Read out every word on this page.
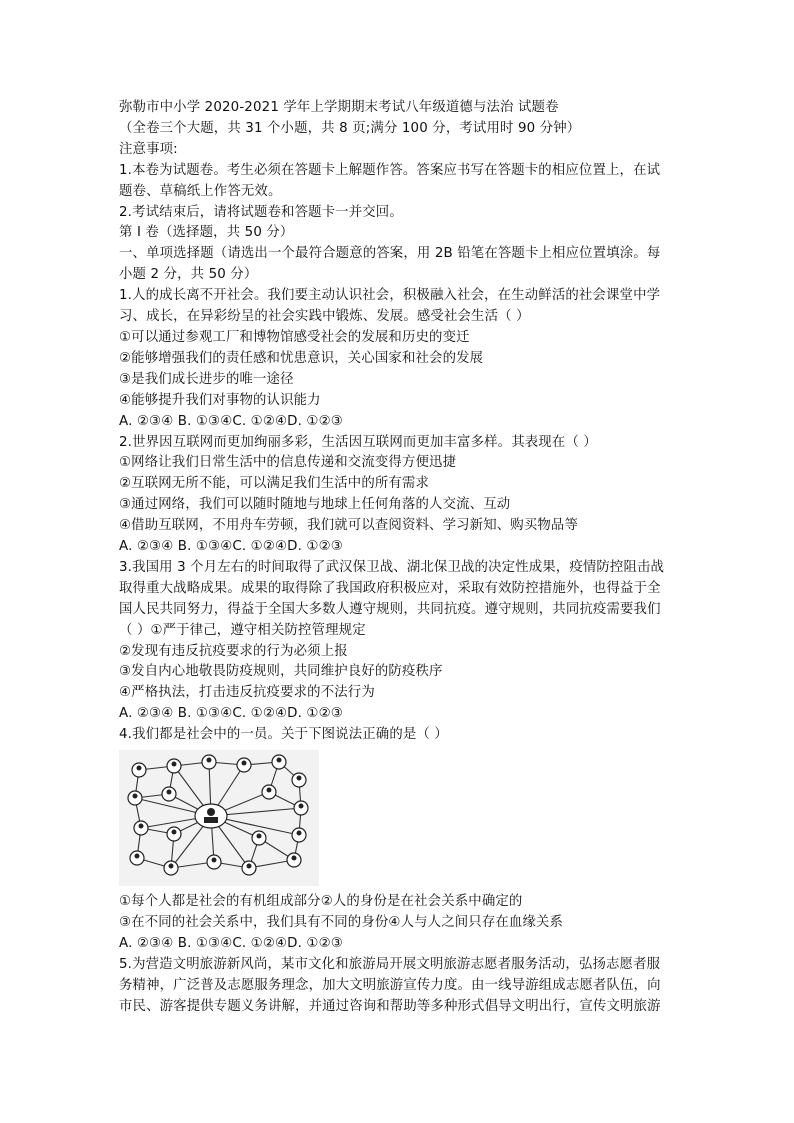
弥勒市中小学 2020-2021 学年上学期期末考试八年级道德与法治 试题卷
（全卷三个大题，共 31 个小题，共 8 页;满分 100 分，考试用时 90 分钟）
注意事项:
1.本卷为试题卷。考生必须在答题卡上解题作答。答案应书写在答题卡的相应位置上，在试
题卷、草稿纸上作答无效。
2.考试结束后，请将试题卷和答题卡一并交回。
第 I 卷（选择题，共 50 分）
一、单项选择题（请选出一个最符合题意的答案，用 2B 铅笔在答题卡上相应位置填涂。每
小题 2 分，共 50 分）
1.人的成长离不开社会。我们要主动认识社会，积极融入社会，在生动鲜活的社会课堂中学
习、成长，在异彩纷呈的社会实践中锻炼、发展。感受社会生活（ ）
①可以通过参观工厂和博物馆感受社会的发展和历史的变迁
②能够增强我们的责任感和忧患意识，关心国家和社会的发展
③是我们成长进步的唯一途径
④能够提升我们对事物的认识能力
A. ②③④ B. ①③④C. ①②④D. ①②③
2.世界因互联网而更加绚丽多彩，生活因互联网而更加丰富多样。其表现在（ ）
①网络让我们日常生活中的信息传递和交流变得方便迅捷
②互联网无所不能，可以满足我们生活中的所有需求
③通过网络，我们可以随时随地与地球上任何角落的人交流、互动
④借助互联网，不用舟车劳顿，我们就可以查阅资料、学习新知、购买物品等
A. ②③④ B. ①③④C. ①②④D. ①②③
3.我国用 3 个月左右的时间取得了武汉保卫战、湖北保卫战的决定性成果，疫情防控阻击战
取得重大战略成果。成果的取得除了我国政府积极应对，采取有效防控措施外，也得益于全
国人民共同努力，得益于全国大多数人遵守规则，共同抗疫。遵守规则，共同抗疫需要我们
（ ）①严于律己，遵守相关防控管理规定
②发现有违反抗疫要求的行为必须上报
③发自内心地敬畏防疫规则，共同维护良好的防疫秩序
④严格执法，打击违反抗疫要求的不法行为
A. ②③④ B. ①③④C. ①②④D. ①②③
4.我们都是社会中的一员。关于下图说法正确的是（ ）
①每个人都是社会的有机组成部分②人的身份是在社会关系中确定的
③在不同的社会关系中，我们具有不同的身份④人与人之间只存在血缘关系
A. ②③④ B. ①③④C. ①②④D. ①②③
5.为营造文明旅游新风尚，某市文化和旅游局开展文明旅游志愿者服务活动，弘扬志愿者服
务精神，广泛普及志愿服务理念，加大文明旅游宣传力度。由一线导游组成志愿者队伍，向
市民、游客提供专题义务讲解，并通过咨询和帮助等多种形式倡导文明出行，宣传文明旅游
